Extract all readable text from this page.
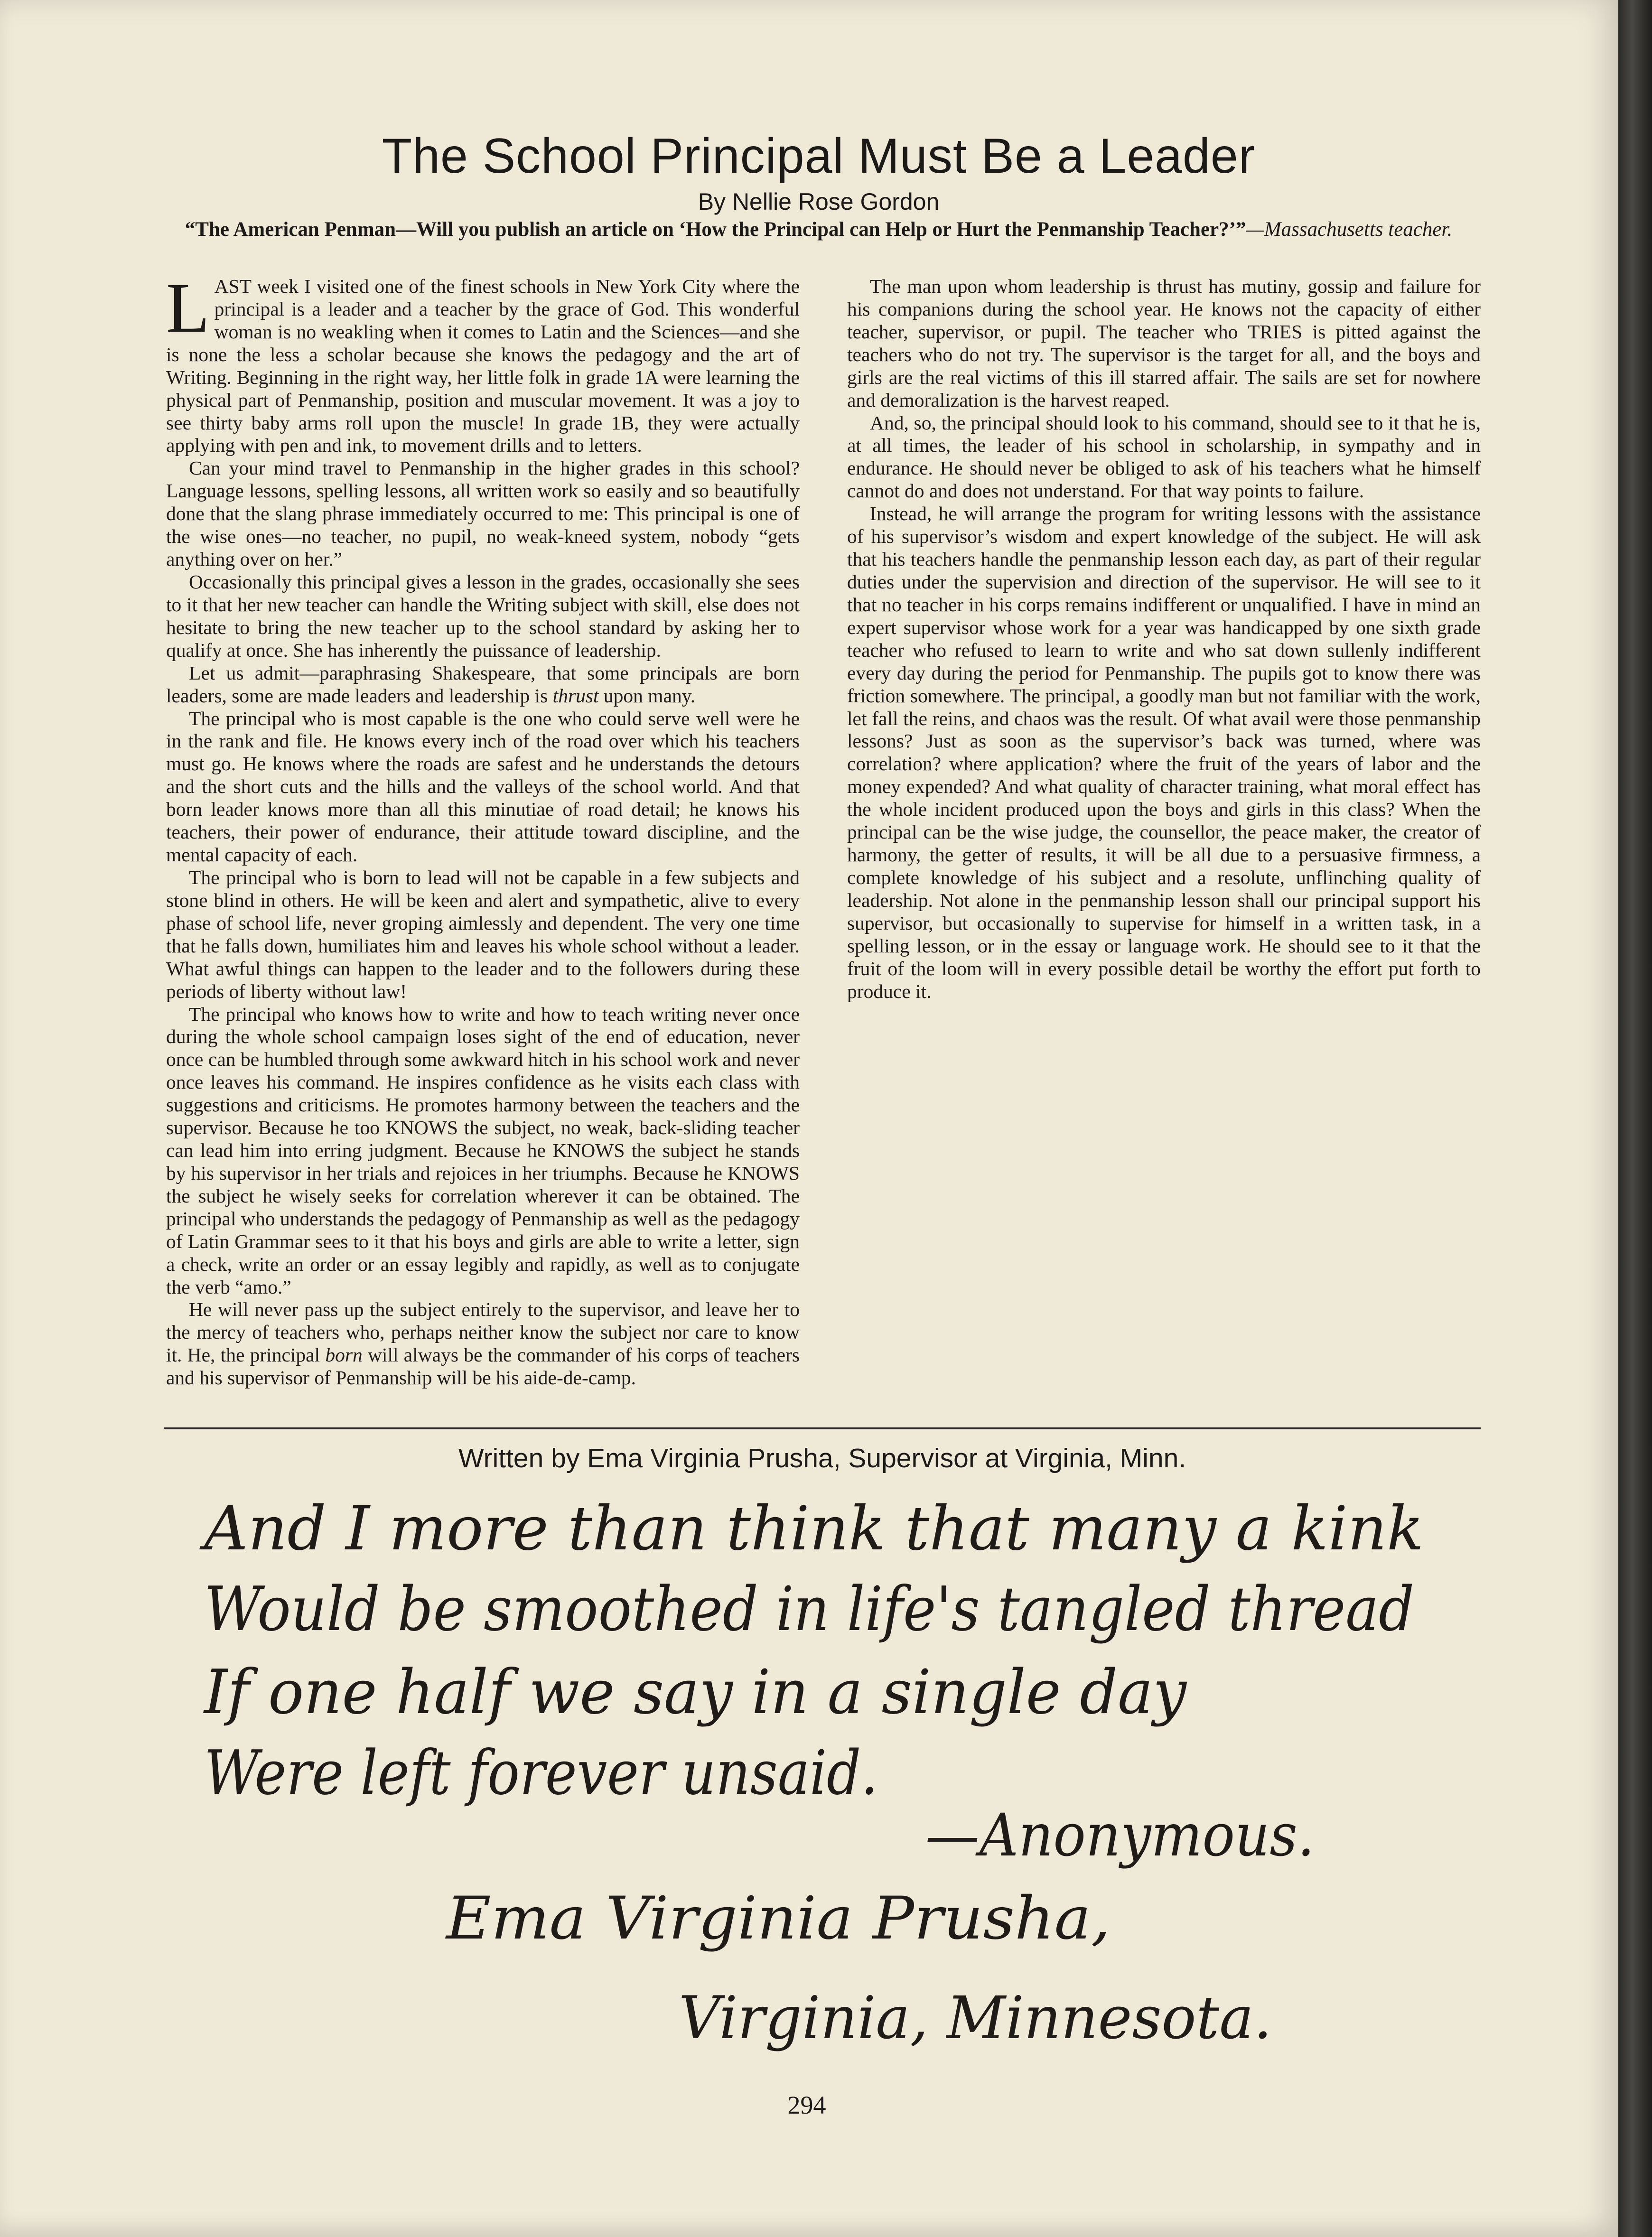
The School Principal Must Be a Leader
By Nellie Rose Gordon
“The American Penman—Will you publish an article on ‘How the Principal can Help or Hurt the Penmanship Teacher?’”—Massachusetts teacher.

LAST week I visited one of the finest schools in New York City where the principal is a leader and a teacher by the grace of God. This wonderful woman is no weakling when it comes to Latin and the Sciences—and she is none the less a scholar because she knows the pedagogy and the art of Writing. Beginning in the right way, her little folk in grade 1A were learning the physical part of Penmanship, position and muscular movement. It was a joy to see thirty baby arms roll upon the muscle! In grade 1B, they were actually applying with pen and ink, to movement drills and to letters.

Can your mind travel to Penmanship in the higher grades in this school? Language lessons, spelling lessons, all written work so easily and so beautifully done that the slang phrase immediately occurred to me: This principal is one of the wise ones—no teacher, no pupil, no weak-kneed system, nobody “gets anything over on her.”

Occasionally this principal gives a lesson in the grades, occasionally she sees to it that her new teacher can handle the Writing subject with skill, else does not hesitate to bring the new teacher up to the school standard by asking her to qualify at once. She has inherently the puissance of leadership.

Let us admit—paraphrasing Shakespeare, that some principals are born leaders, some are made leaders and leadership is thrust upon many.

The principal who is most capable is the one who could serve well were he in the rank and file. He knows every inch of the road over which his teachers must go. He knows where the roads are safest and he understands the detours and the short cuts and the hills and the valleys of the school world. And that born leader knows more than all this minutiae of road detail; he knows his teachers, their power of endurance, their attitude toward discipline, and the mental capacity of each.

The principal who is born to lead will not be capable in a few subjects and stone blind in others. He will be keen and alert and sympathetic, alive to every phase of school life, never groping aimlessly and dependent. The very one time that he falls down, humiliates him and leaves his whole school without a leader. What awful things can happen to the leader and to the followers during these periods of liberty without law!

The principal who knows how to write and how to teach writing never once during the whole school campaign loses sight of the end of education, never once can be humbled through some awkward hitch in his school work and never once leaves his command. He inspires confidence as he visits each class with suggestions and criticisms. He promotes harmony between the teachers and the supervisor. Because he too KNOWS the subject, no weak, back-sliding teacher can lead him into erring judgment. Because he KNOWS the subject he stands by his supervisor in her trials and rejoices in her triumphs. Because he KNOWS the subject he wisely seeks for correlation wherever it can be obtained. The principal who understands the pedagogy of Penmanship as well as the pedagogy of Latin Grammar sees to it that his boys and girls are able to write a letter, sign a check, write an order or an essay legibly and rapidly, as well as to conjugate the verb “amo.”

He will never pass up the subject entirely to the supervisor, and leave her to the mercy of teachers who, perhaps neither know the subject nor care to know it. He, the principal born will always be the commander of his corps of teachers and his supervisor of Penmanship will be his aide-de-camp.

The man upon whom leadership is thrust has mutiny, gossip and failure for his companions during the school year. He knows not the capacity of either teacher, supervisor, or pupil. The teacher who TRIES is pitted against the teachers who do not try. The supervisor is the target for all, and the boys and girls are the real victims of this ill starred affair. The sails are set for nowhere and demoralization is the harvest reaped.

And, so, the principal should look to his command, should see to it that he is, at all times, the leader of his school in scholarship, in sympathy and in endurance. He should never be obliged to ask of his teachers what he himself cannot do and does not understand. For that way points to failure.

Instead, he will arrange the program for writing lessons with the assistance of his supervisor’s wisdom and expert knowledge of the subject. He will ask that his teachers handle the penmanship lesson each day, as part of their regular duties under the supervision and direction of the supervisor. He will see to it that no teacher in his corps remains indifferent or unqualified. I have in mind an expert supervisor whose work for a year was handicapped by one sixth grade teacher who refused to learn to write and who sat down sullenly indifferent every day during the period for Penmanship. The pupils got to know there was friction somewhere. The principal, a goodly man but not familiar with the work, let fall the reins, and chaos was the result. Of what avail were those penmanship lessons? Just as soon as the supervisor’s back was turned, where was correlation? where application? where the fruit of the years of labor and the money expended? And what quality of character training, what moral effect has the whole incident produced upon the boys and girls in this class? When the principal can be the wise judge, the counsellor, the peace maker, the creator of harmony, the getter of results, it will be all due to a persuasive firmness, a complete knowledge of his subject and a resolute, unflinching quality of leadership. Not alone in the penmanship lesson shall our principal support his supervisor, but occasionally to supervise for himself in a written task, in a spelling lesson, or in the essay or language work. He should see to it that the fruit of the loom will in every possible detail be worthy the effort put forth to produce it.

Written by Ema Virginia Prusha, Supervisor at Virginia, Minn.
And I more than think that many a kink
Would be smoothed in life's tangled thread
If one half we say in a single day
Were left forever unsaid.
—Anonymous.
Ema Virginia Prusha,
Virginia, Minnesota.
294
